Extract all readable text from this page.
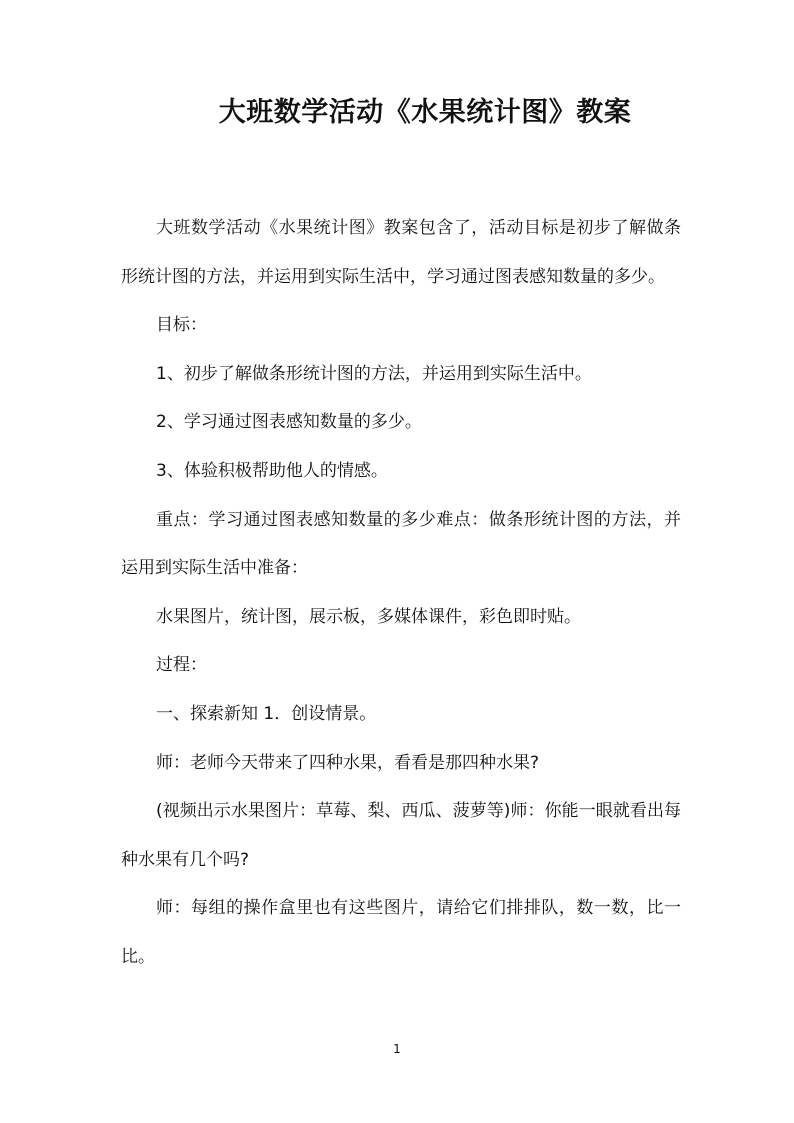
大班数学活动《水果统计图》教案

大班数学活动《水果统计图》教案包含了，活动目标是初步了解做条形统计图的方法，并运用到实际生活中，学习通过图表感知数量的多少。

目标：

1、初步了解做条形统计图的方法，并运用到实际生活中。

2、学习通过图表感知数量的多少。

3、体验积极帮助他人的情感。

重点：学习通过图表感知数量的多少难点：做条形统计图的方法，并运用到实际生活中准备：

水果图片，统计图，展示板，多媒体课件，彩色即时贴。

过程：

一、探索新知 1．创设情景。

师：老师今天带来了四种水果，看看是那四种水果?

(视频出示水果图片：草莓、梨、西瓜、菠萝等)师：你能一眼就看出每种水果有几个吗?

师：每组的操作盒里也有这些图片，请给它们排排队，数一数，比一比。

1
